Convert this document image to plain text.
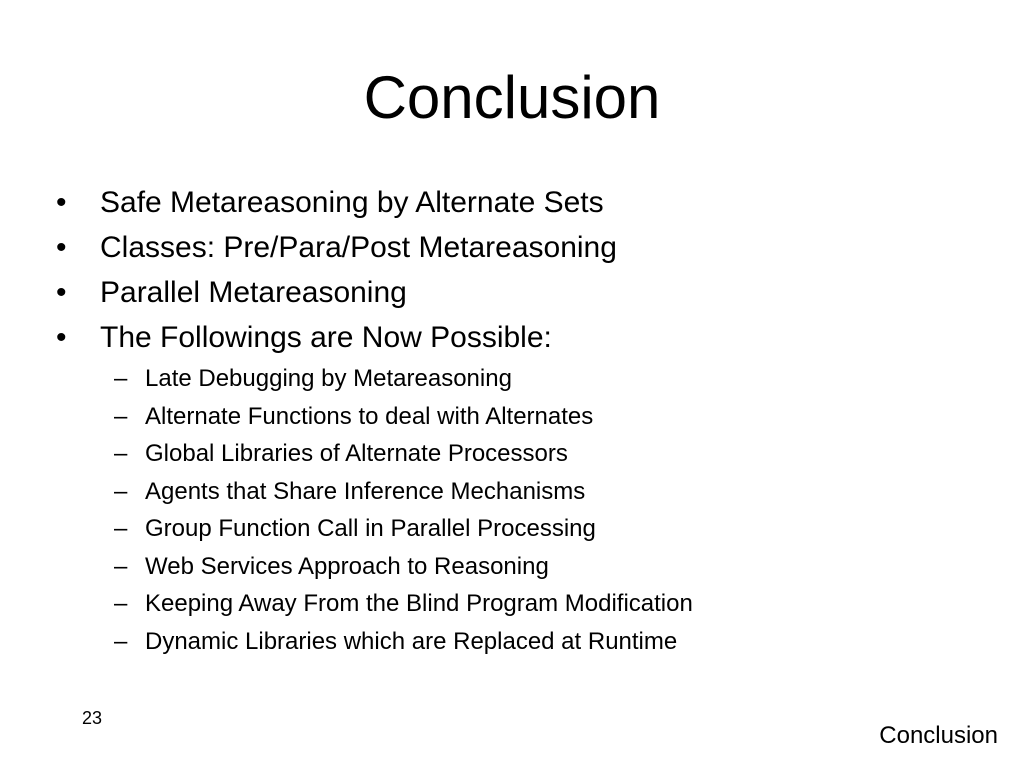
Conclusion
•	Safe Metareasoning by Alternate Sets
•	Classes: Pre/Para/Post Metareasoning
•	Parallel Metareasoning
•	The Followings are Now Possible:
– Late Debugging by Metareasoning
– Alternate Functions to deal with Alternates
– Global Libraries of Alternate Processors
– Agents that Share Inference Mechanisms
– Group Function Call in Parallel Processing
– Web Services Approach to Reasoning
– Keeping Away From the Blind Program Modification
– Dynamic Libraries which are Replaced at Runtime
23
Conclusion
